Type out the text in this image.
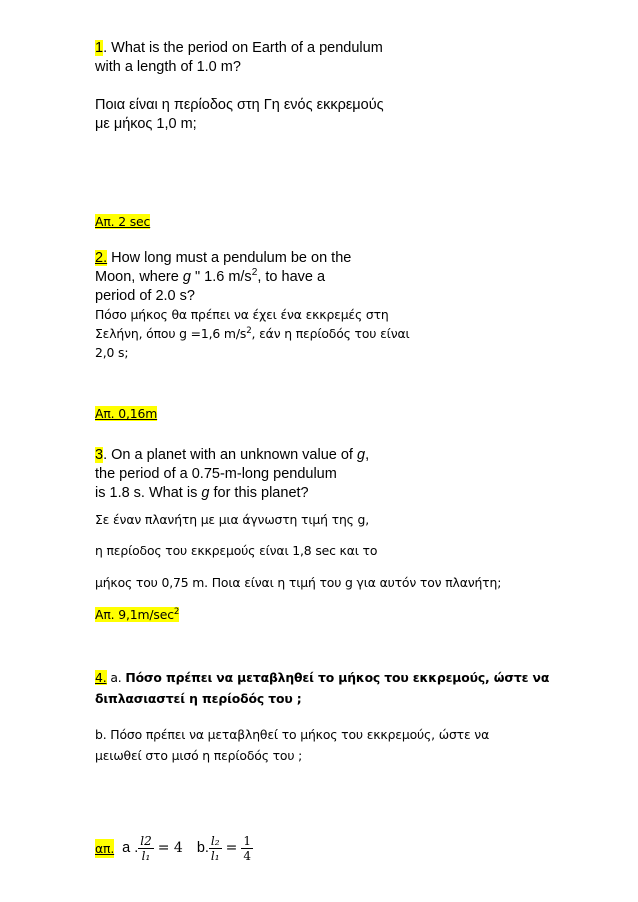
1. What is the period on Earth of a pendulum
with a length of 1.0 m?
Ποια είναι η περίοδος στη Γη ενός εκκρεμούς
με μήκος 1,0 m;
Απ. 2 sec
2. How long must a pendulum be on the
Moon, where g " 1.6 $m/s^2$, to have a
period of 2.0 s?
Πόσο μήκος θα πρέπει να έχει ένα εκκρεμές στη
Σελήνη, όπου g =1,6 $m/s^2$, εάν η περίοδός του είναι
2,0 s;
Απ. 0,16m
3. On a planet with an unknown value of g,
the period of a 0.75-m-long pendulum
is 1.8 s. What is g for this planet?
Σε έναν πλανήτη με μια άγνωστη τιμή της g,
η περίοδος του εκκρεμούς είναι 1,8 sec και το
μήκος του 0,75 m. Ποια είναι η τιμή του g για αυτόν τον πλανήτη;
Απ. $9,1m/\sec^2$
4. a. Πόσο πρέπει να μεταβληθεί το μήκος του εκκρεμούς, ώστε να
διπλασιαστεί η περίοδός του ;
b. Πόσο πρέπει να μεταβληθεί το μήκος του εκκρεμούς, ώστε να
μειωθεί στο μισό η περίοδός του ;
απ. a . $\frac{l2}{\text{l₁}} = 4$ b. $\frac{\text{l₂}}{\text{l₁}} = \frac{1}{4}$
